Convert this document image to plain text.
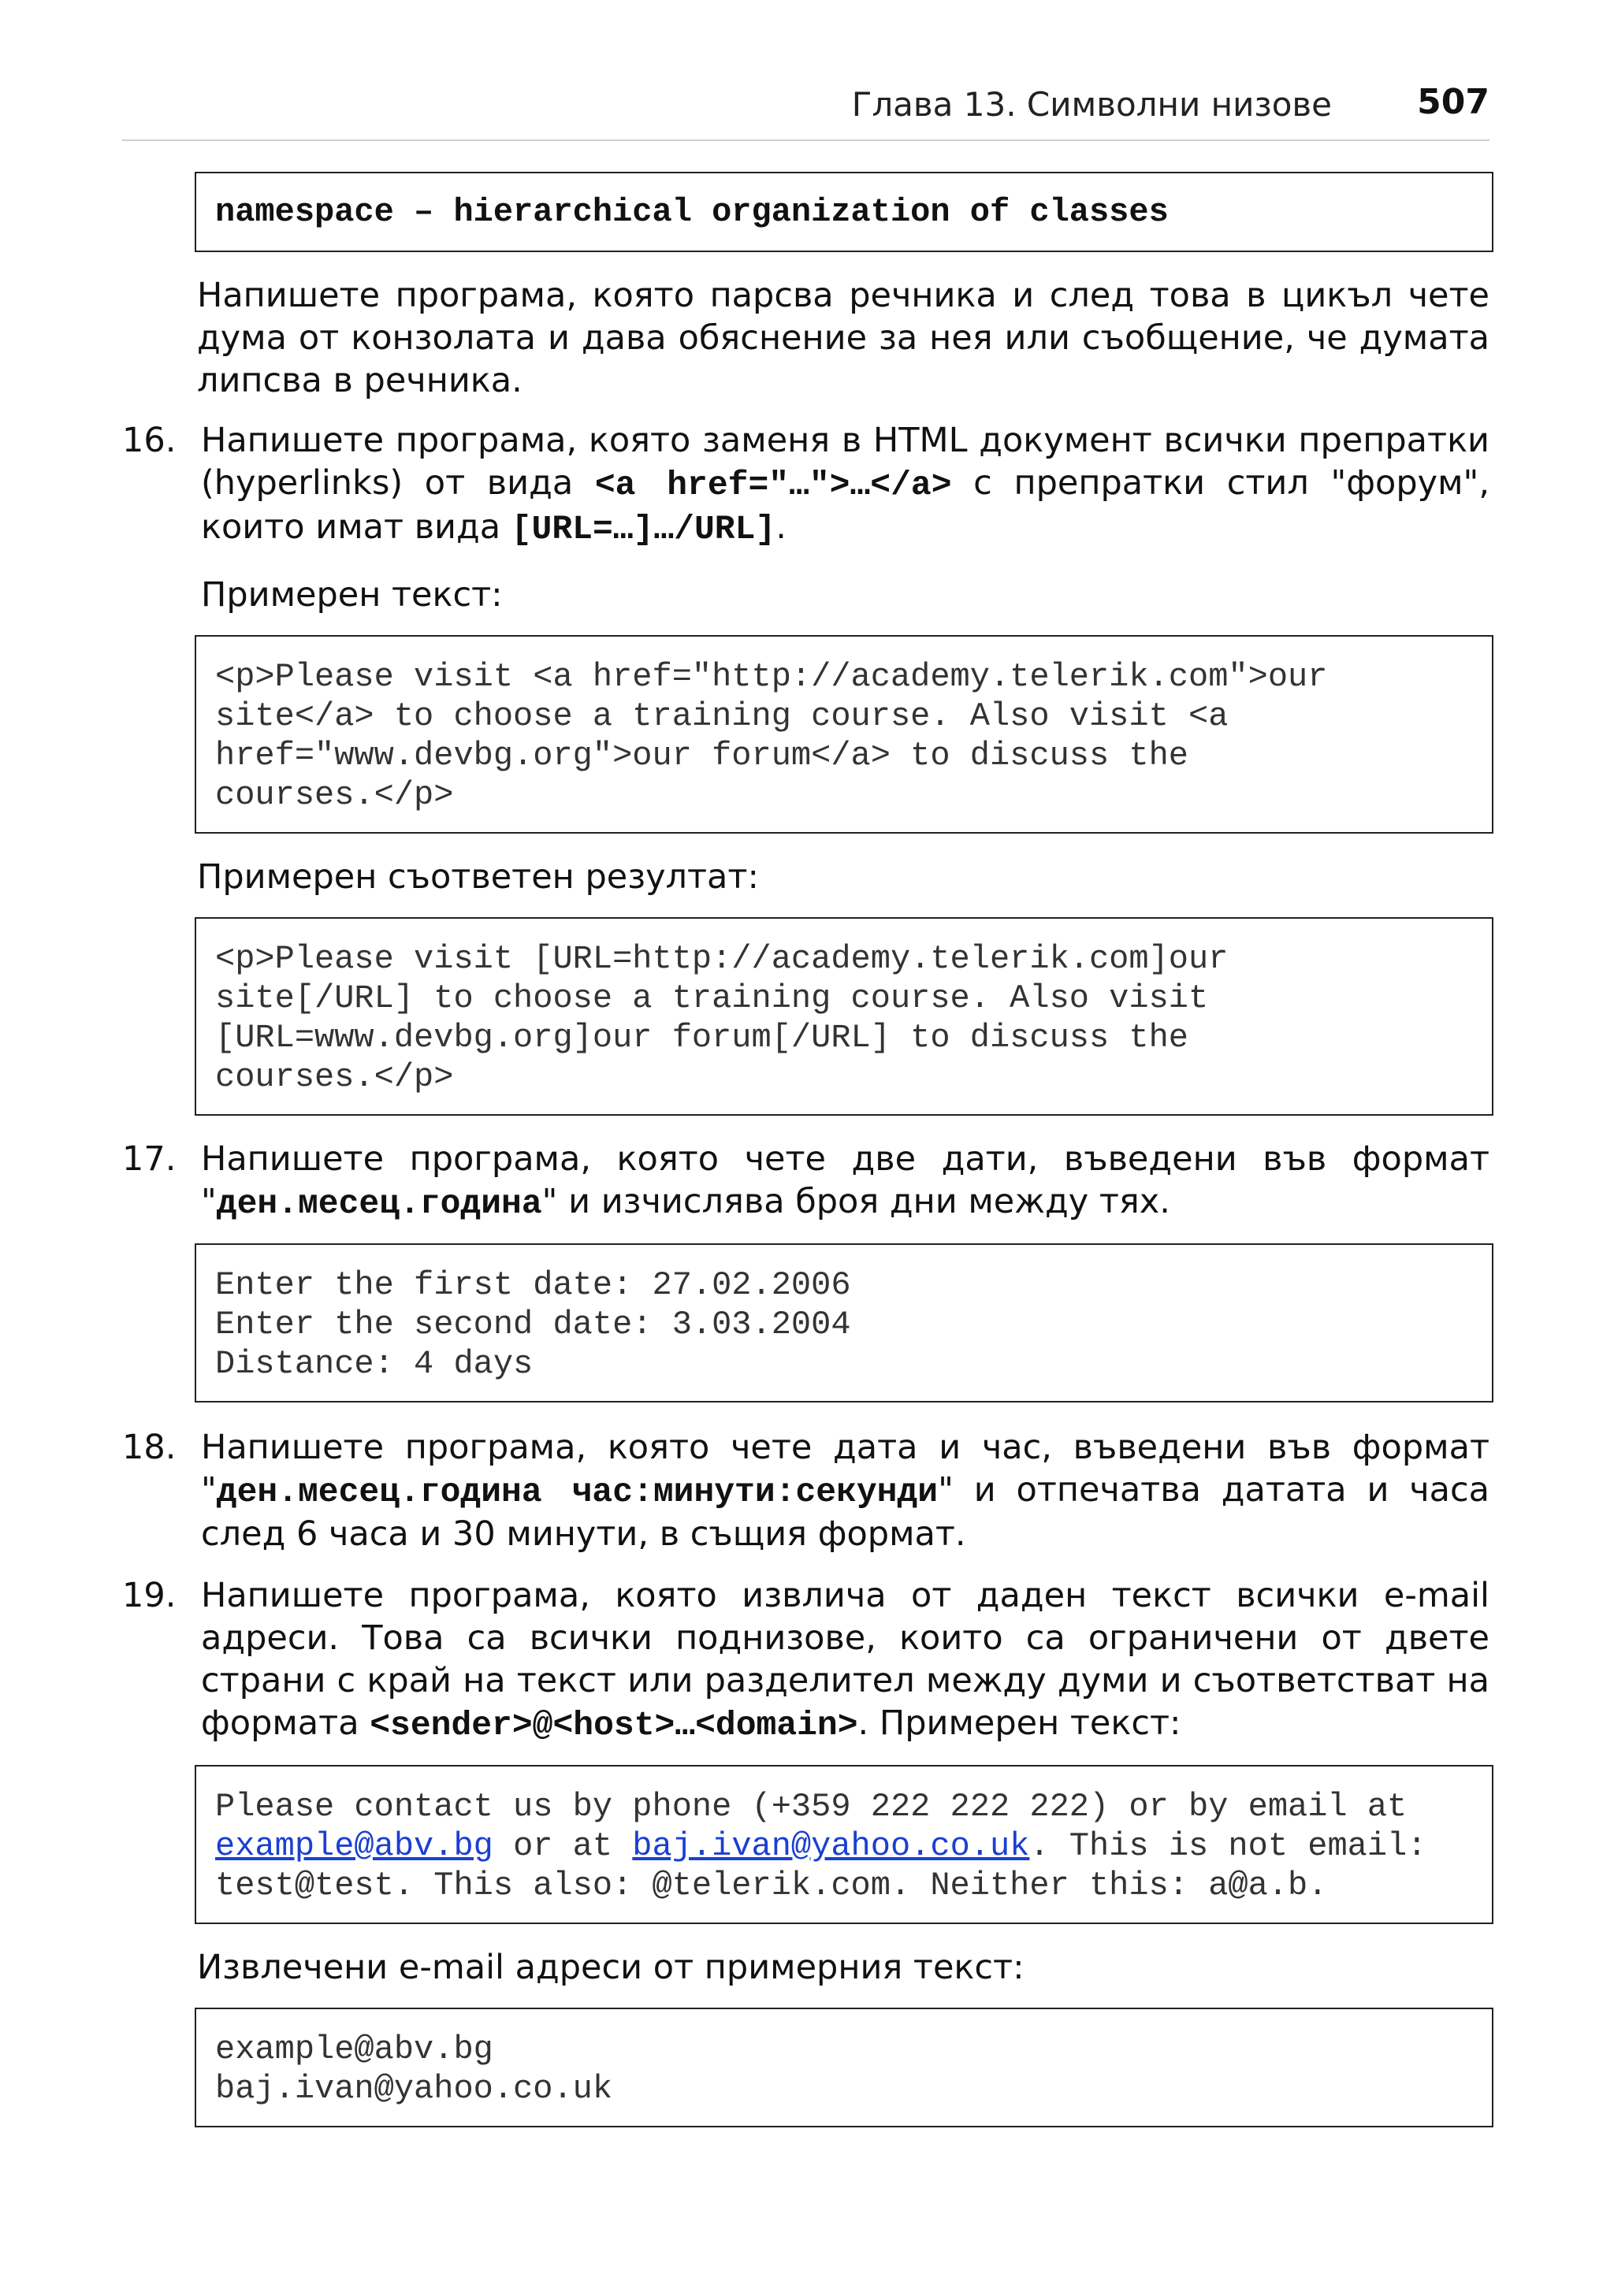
Глава 13. Символни низове 507
namespace – hierarchical organization of classes
Напишете програма, която парсва речника и след това в цикъл чете
дума от конзолата и дава обяснение за нея или съобщение, че думата
липсва в речника.
16. Напишете програма, която заменя в HTML документ всички препратки
(hyperlinks) от вида <a href="…">…</a> с препратки стил "форум",
които имат вида [URL=…]…/URL].
Примерен текст:
<p>Please visit <a href="http://academy.telerik.com">our
site</a> to choose a training course. Also visit <a
href="www.devbg.org">our forum</a> to discuss the
courses.</p>
Примерен съответен резултат:
<p>Please visit [URL=http://academy.telerik.com]our
site[/URL] to choose a training course. Also visit
[URL=www.devbg.org]our forum[/URL] to discuss the
courses.</p>
17. Напишете програма, която чете две дати, въведени във формат
"ден.месец.година" и изчислява броя дни между тях.
Enter the first date: 27.02.2006
Enter the second date: 3.03.2004
Distance: 4 days
18. Напишете програма, която чете дата и час, въведени във формат
"ден.месец.година час:минути:секунди" и отпечатва датата и часа
след 6 часа и 30 минути, в същия формат.
19. Напишете програма, която извлича от даден текст всички e-mail
адреси. Това са всички поднизове, които са ограничени от двете
страни с край на текст или разделител между думи и съответстват на
формата <sender>@<host>…<domain>. Примерен текст:
Please contact us by phone (+359 222 222 222) or by email at
example@abv.bg or at baj.ivan@yahoo.co.uk. This is not email:
test@test. This also: @telerik.com. Neither this: a@a.b.
Извлечени e-mail адреси от примерния текст:
example@abv.bg
baj.ivan@yahoo.co.uk
